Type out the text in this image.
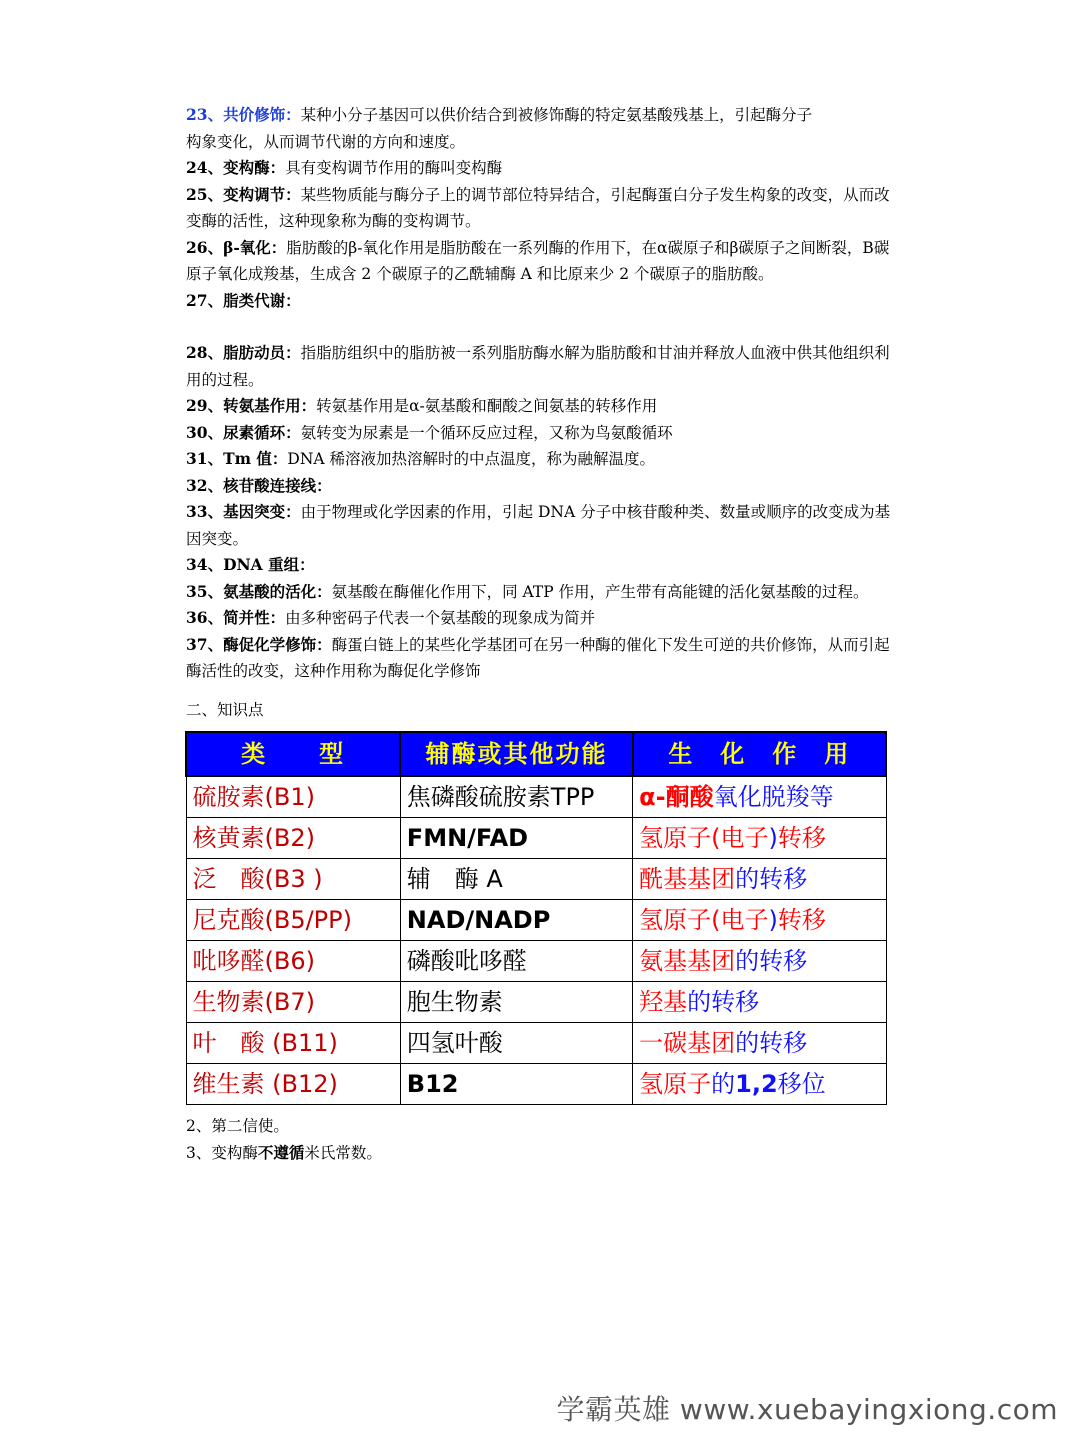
23、共价修饰：某种小分子基因可以供价结合到被修饰酶的特定氨基酸残基上，引起酶分子
构象变化，从而调节代谢的方向和速度。

24、变构酶：具有变构调节作用的酶叫变构酶

25、变构调节：某些物质能与酶分子上的调节部位特异结合，引起酶蛋白分子发生构象的改变，从而改变酶的活性，这种现象称为酶的变构调节。

26、β-氧化：脂肪酸的β-氧化作用是脂肪酸在一系列酶的作用下，在α碳原子和β碳原子之间断裂，B碳原子氧化成羧基，生成含 2 个碳原子的乙酰辅酶 A 和比原来少 2 个碳原子的脂肪酸。

27、脂类代谢：

28、脂肪动员：指脂肪组织中的脂肪被一系列脂肪酶水解为脂肪酸和甘油并释放人血液中供其他组织利用的过程。

29、转氨基作用：转氨基作用是α-氨基酸和酮酸之间氨基的转移作用

30、尿素循环：氨转变为尿素是一个循环反应过程，又称为鸟氨酸循环

31、Tm 值：DNA 稀溶液加热溶解时的中点温度，称为融解温度。

32、核苷酸连接线：

33、基因突变：由于物理或化学因素的作用，引起 DNA 分子中核苷酸种类、数量或顺序的改变成为基因突变。

34、DNA 重组：

35、氨基酸的活化：氨基酸在酶催化作用下，同 ATP 作用，产生带有高能键的活化氨基酸的过程。

36、简并性：由多种密码子代表一个氨基酸的现象成为简并

37、酶促化学修饰：酶蛋白链上的某些化学基团可在另一种酶的催化下发生可逆的共价修饰，从而引起酶活性的改变，这种作用称为酶促化学修饰

二、知识点

类　　型	辅酶或其他功能	生　化　作　用
硫胺素(B1)	焦磷酸硫胺素TPP	α-酮酸氧化脱羧等
核黄素(B2)	FMN/FAD	氢原子(电子)转移
泛　酸(B3 )	辅　酶 A	酰基基团的转移
尼克酸(B5/PP)	NAD/NADP	氢原子(电子)转移
吡哆醛(B6)	磷酸吡哆醛	氨基基团的转移
生物素(B7)	胞生物素	羟基的转移
叶　酸 (B11)	四氢叶酸	一碳基团的转移
维生素 (B12)	B12	氢原子的1,2移位

2、第二信使。

3、变构酶不遵循米氏常数。

学霸英雄 www.xuebayingxiong.com
